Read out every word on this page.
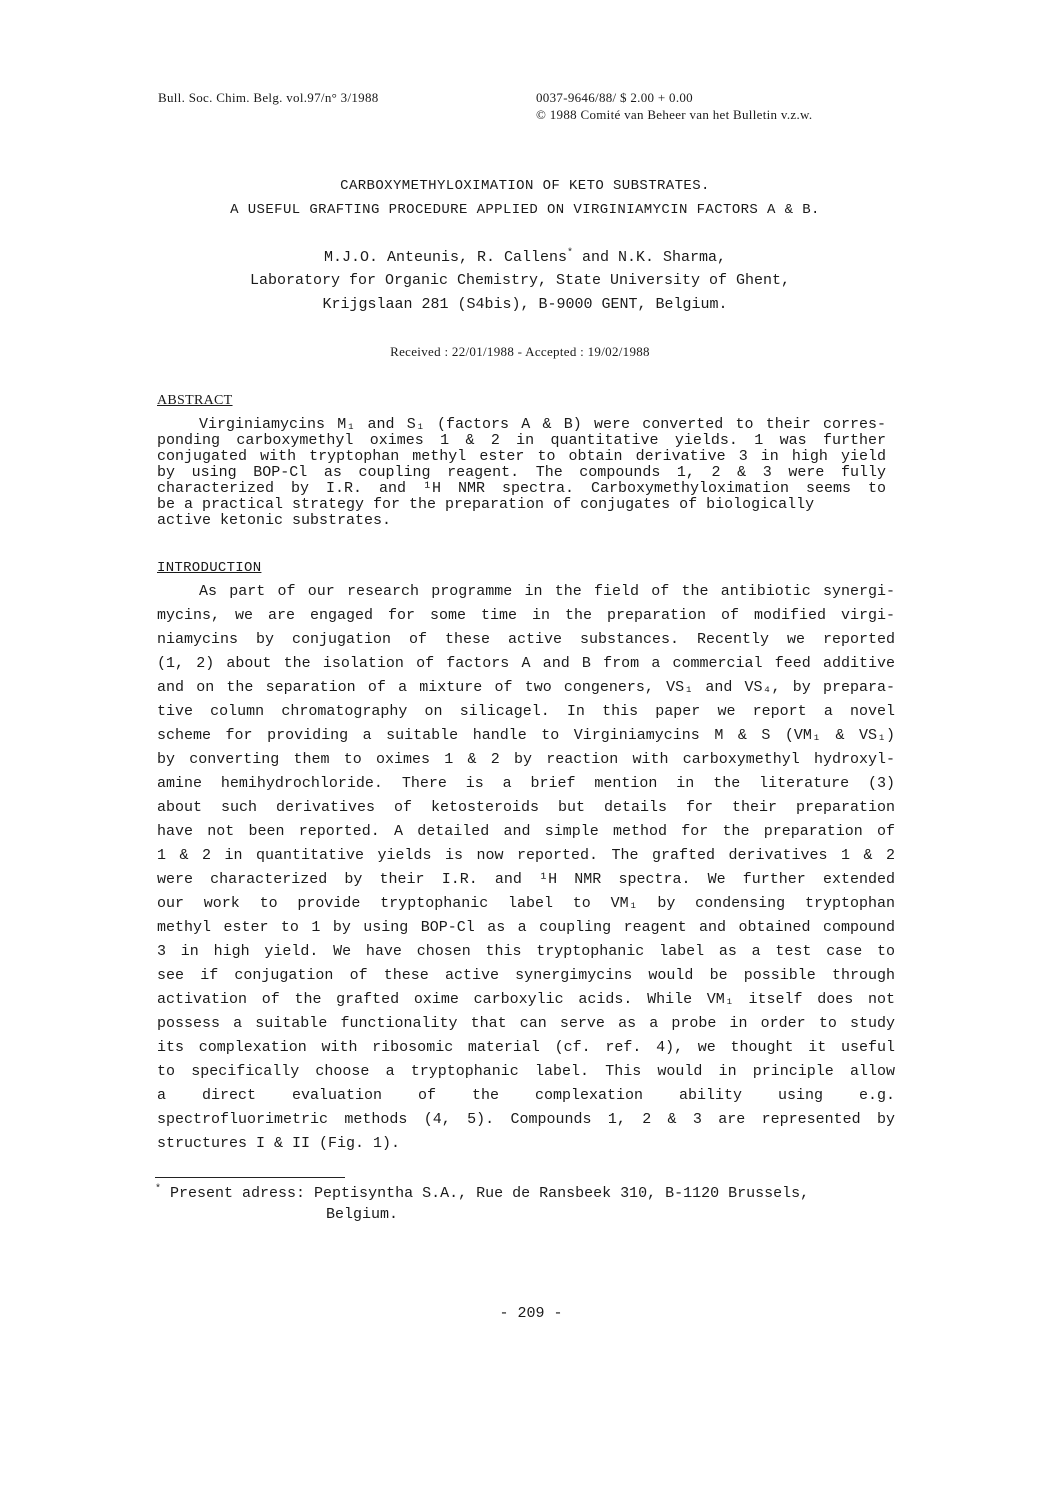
Bull. Soc. Chim. Belg. vol.97/n° 3/1988	0037-9646/88/ $ 2.00 + 0.00
© 1988 Comité van Beheer van het Bulletin v.z.w.
CARBOXYMETHYLOXIMATION OF KETO SUBSTRATES.
A USEFUL GRAFTING PROCEDURE APPLIED ON VIRGINIAMYCIN FACTORS A & B.
M.J.O. Anteunis, R. Callens* and N.K. Sharma,
Laboratory for Organic Chemistry, State University of Ghent,
Krijgslaan 281 (S4bis), B-9000 GENT, Belgium.
Received : 22/01/1988 - Accepted : 19/02/1988
ABSTRACT
Virginiamycins M₁ and S₁ (factors A & B) were converted to their corres-
ponding carboxymethyl oximes 1 & 2 in quantitative yields. 1 was further
conjugated with tryptophan methyl ester to obtain derivative 3 in high yield
by using BOP-Cl as coupling reagent. The compounds 1, 2 & 3 were fully
characterized by I.R. and ¹H NMR spectra. Carboxymethyloximation seems to
be a practical strategy for the preparation of conjugates of biologically
active ketonic substrates.
INTRODUCTION
As part of our research programme in the field of the antibiotic synergi-
mycins, we are engaged for some time in the preparation of modified virgi-
niamycins by conjugation of these active substances. Recently we reported
(1, 2) about the isolation of factors A and B from a commercial feed additive
and on the separation of a mixture of two congeners, VS₁ and VS₄, by prepara-
tive column chromatography on silicagel. In this paper we report a novel
scheme for providing a suitable handle to Virginiamycins M & S (VM₁ & VS₁)
by converting them to oximes 1 & 2 by reaction with carboxymethyl hydroxyl-
amine hemihydrochloride. There is a brief mention in the literature (3)
about such derivatives of ketosteroids but details for their preparation
have not been reported. A detailed and simple method for the preparation of
1 & 2 in quantitative yields is now reported. The grafted derivatives 1 & 2
were characterized by their I.R. and ¹H NMR spectra. We further extended
our work to provide tryptophanic label to VM₁ by condensing tryptophan
methyl ester to 1 by using BOP-Cl as a coupling reagent and obtained compound
3 in high yield. We have chosen this tryptophanic label as a test case to
see if conjugation of these active synergimycins would be possible through
activation of the grafted oxime carboxylic acids. While VM₁ itself does not
possess a suitable functionality that can serve as a probe in order to study
its complexation with ribosomic material (cf. ref. 4), we thought it useful
to specifically choose a tryptophanic label. This would in principle allow
a direct evaluation of the complexation ability using e.g.
spectrofluorimetric methods (4, 5). Compounds 1, 2 & 3 are represented by
structures I & II (Fig. 1).
* Present adress: Peptisyntha S.A., Rue de Ransbeek 310, B-1120 Brussels,
Belgium.
- 209 -
